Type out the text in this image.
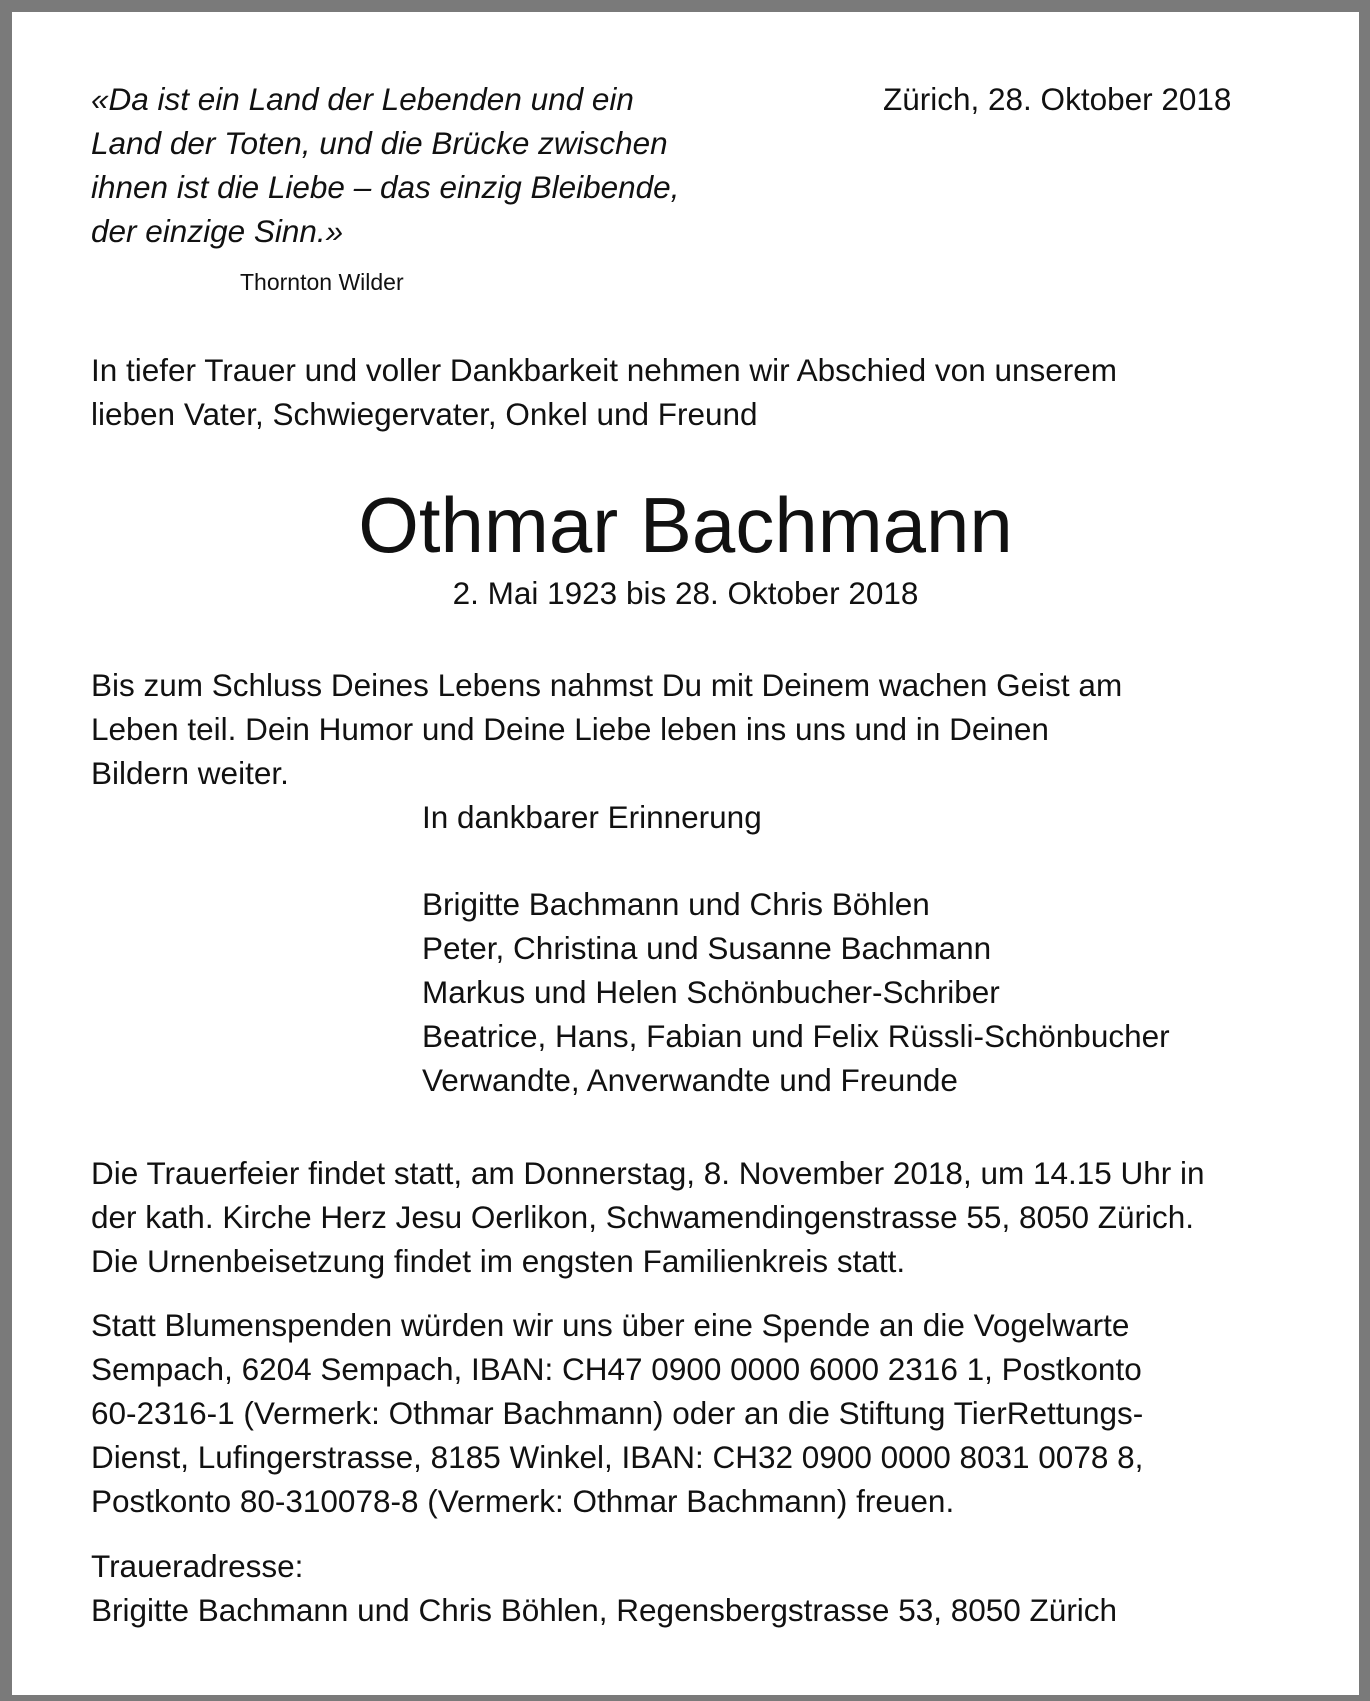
«Da ist ein Land der Lebenden und ein
Land der Toten, und die Brücke zwischen
ihnen ist die Liebe – das einzig Bleibende,
der einzige Sinn.»
Thornton Wilder
Zürich, 28. Oktober 2018
In tiefer Trauer und voller Dankbarkeit nehmen wir Abschied von unserem
lieben Vater, Schwiegervater, Onkel und Freund
Othmar Bachmann
2. Mai 1923 bis 28. Oktober 2018
Bis zum Schluss Deines Lebens nahmst Du mit Deinem wachen Geist am
Leben teil. Dein Humor und Deine Liebe leben ins uns und in Deinen
Bildern weiter.
In dankbarer Erinnerung
Brigitte Bachmann und Chris Böhlen
Peter, Christina und Susanne Bachmann
Markus und Helen Schönbucher-Schriber
Beatrice, Hans, Fabian und Felix Rüssli-Schönbucher
Verwandte, Anverwandte und Freunde
Die Trauerfeier findet statt, am Donnerstag, 8. November 2018, um 14.15 Uhr in
der kath. Kirche Herz Jesu Oerlikon, Schwamendingenstrasse 55, 8050 Zürich.
Die Urnenbeisetzung findet im engsten Familienkreis statt.
Statt Blumenspenden würden wir uns über eine Spende an die Vogelwarte
Sempach, 6204 Sempach, IBAN: CH47 0900 0000 6000 2316 1, Postkonto
60-2316-1 (Vermerk: Othmar Bachmann) oder an die Stiftung TierRettungs-
Dienst, Lufingerstrasse, 8185 Winkel, IBAN: CH32 0900 0000 8031 0078 8,
Postkonto 80-310078-8 (Vermerk: Othmar Bachmann) freuen.
Traueradresse:
Brigitte Bachmann und Chris Böhlen, Regensbergstrasse 53, 8050 Zürich
